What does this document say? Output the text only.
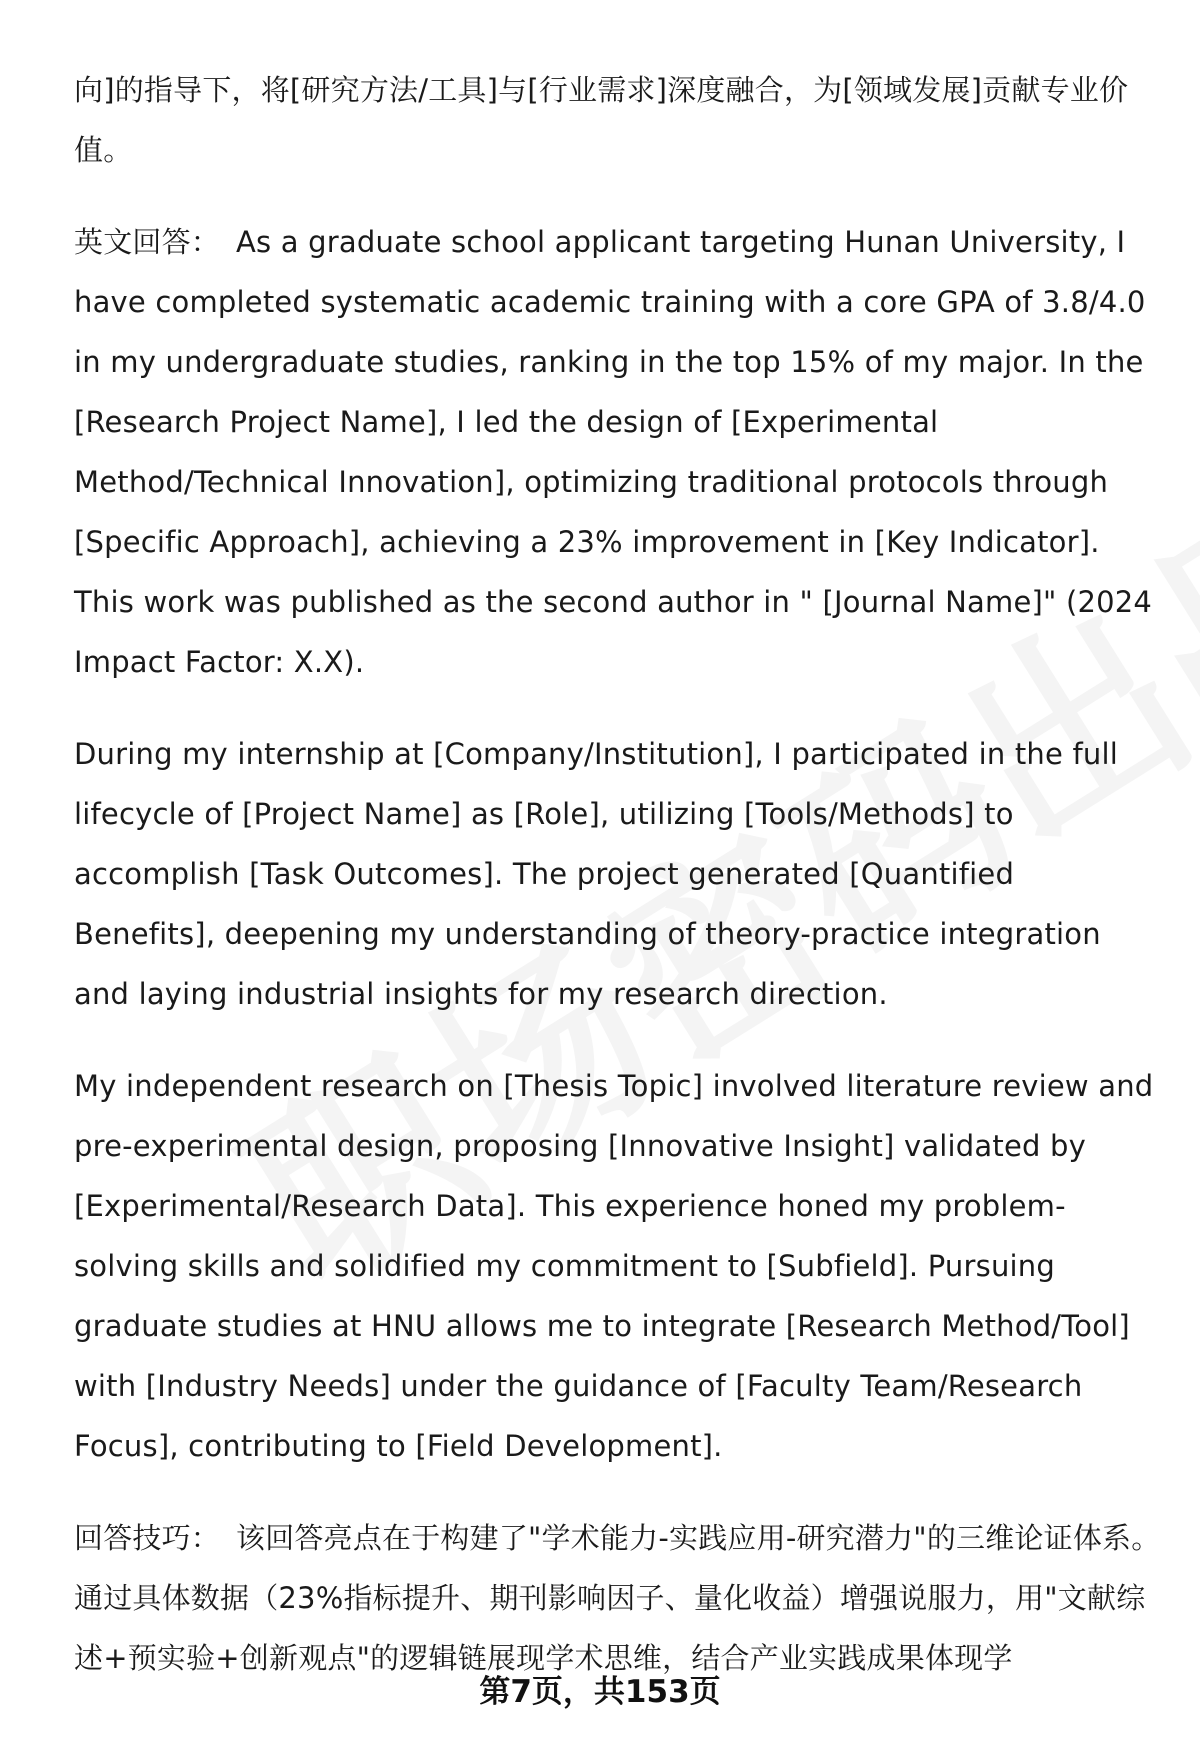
向]的指导下，将[研究方法/工具]与[行业需求]深度融合，为[领域发展]贡献专业价值。

英文回答： As a graduate school applicant targeting Hunan University, I have completed systematic academic training with a core GPA of 3.8/4.0 in my undergraduate studies, ranking in the top 15% of my major. In the [Research Project Name], I led the design of [Experimental Method/Technical Innovation], optimizing traditional protocols through [Specific Approach], achieving a 23% improvement in [Key Indicator]. This work was published as the second author in " [Journal Name]" (2024 Impact Factor: X.X).

During my internship at [Company/Institution], I participated in the full lifecycle of [Project Name] as [Role], utilizing [Tools/Methods] to accomplish [Task Outcomes]. The project generated [Quantified Benefits], deepening my understanding of theory-practice integration and laying industrial insights for my research direction.

My independent research on [Thesis Topic] involved literature review and pre-experimental design, proposing [Innovative Insight] validated by [Experimental/Research Data]. This experience honed my problem-solving skills and solidified my commitment to [Subfield]. Pursuing graduate studies at HNU allows me to integrate [Research Method/Tool] with [Industry Needs] under the guidance of [Faculty Team/Research Focus], contributing to [Field Development].

回答技巧： 该回答亮点在于构建了"学术能力-实践应用-研究潜力"的三维论证体系。通过具体数据（23%指标提升、期刊影响因子、量化收益）增强说服力，用"文献综述+预实验+创新观点"的逻辑链展现学术思维，结合产业实践成果体现学

第7页，共153页
